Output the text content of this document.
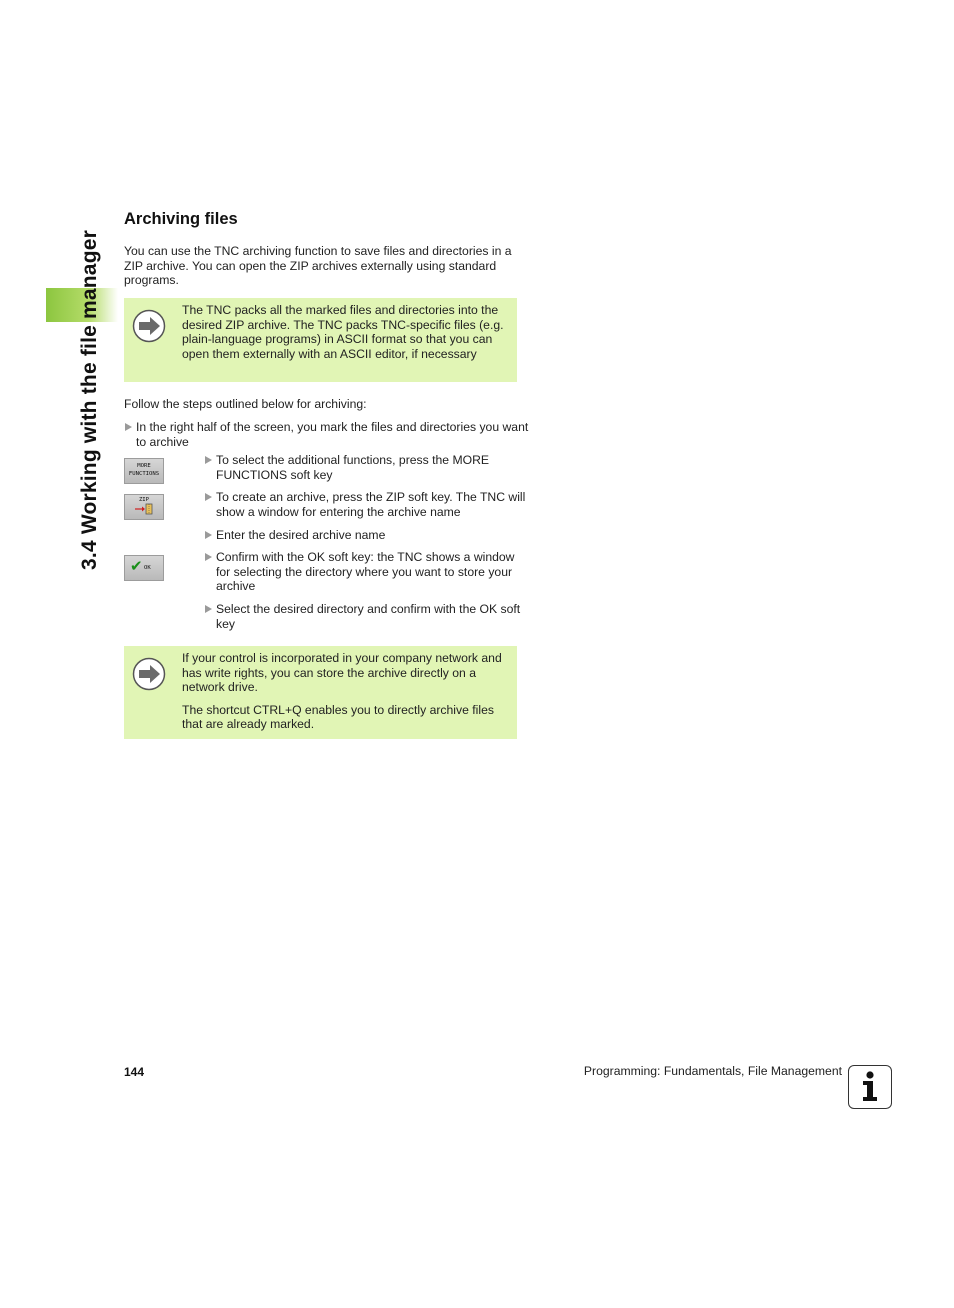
3.4 Working with the file manager
Archiving files
You can use the TNC archiving function to save files and directories in a ZIP archive. You can open the ZIP archives externally using standard programs.
The TNC packs all the marked files and directories into the desired ZIP archive. The TNC packs TNC-specific files (e.g. plain-language programs) in ASCII format so that you can open them externally with an ASCII editor, if necessary
Follow the steps outlined below for archiving:
In the right half of the screen, you mark the files and directories you want to archive
MORE
FUNCTIONS
To select the additional functions, press the MORE FUNCTIONS soft key
ZIP	To create an archive, press the ZIP soft key. The TNC will show a window for entering the archive name
Enter the desired archive name
✔ OK
Confirm with the OK soft key: the TNC shows a window for selecting the directory where you want to store your archive
Select the desired directory and confirm with the OK soft key

If your control is incorporated in your company network and has write rights, you can store the archive directly on a network drive.

The shortcut CTRL+Q enables you to directly archive files that are already marked.

144	Programming: Fundamentals, File Management
